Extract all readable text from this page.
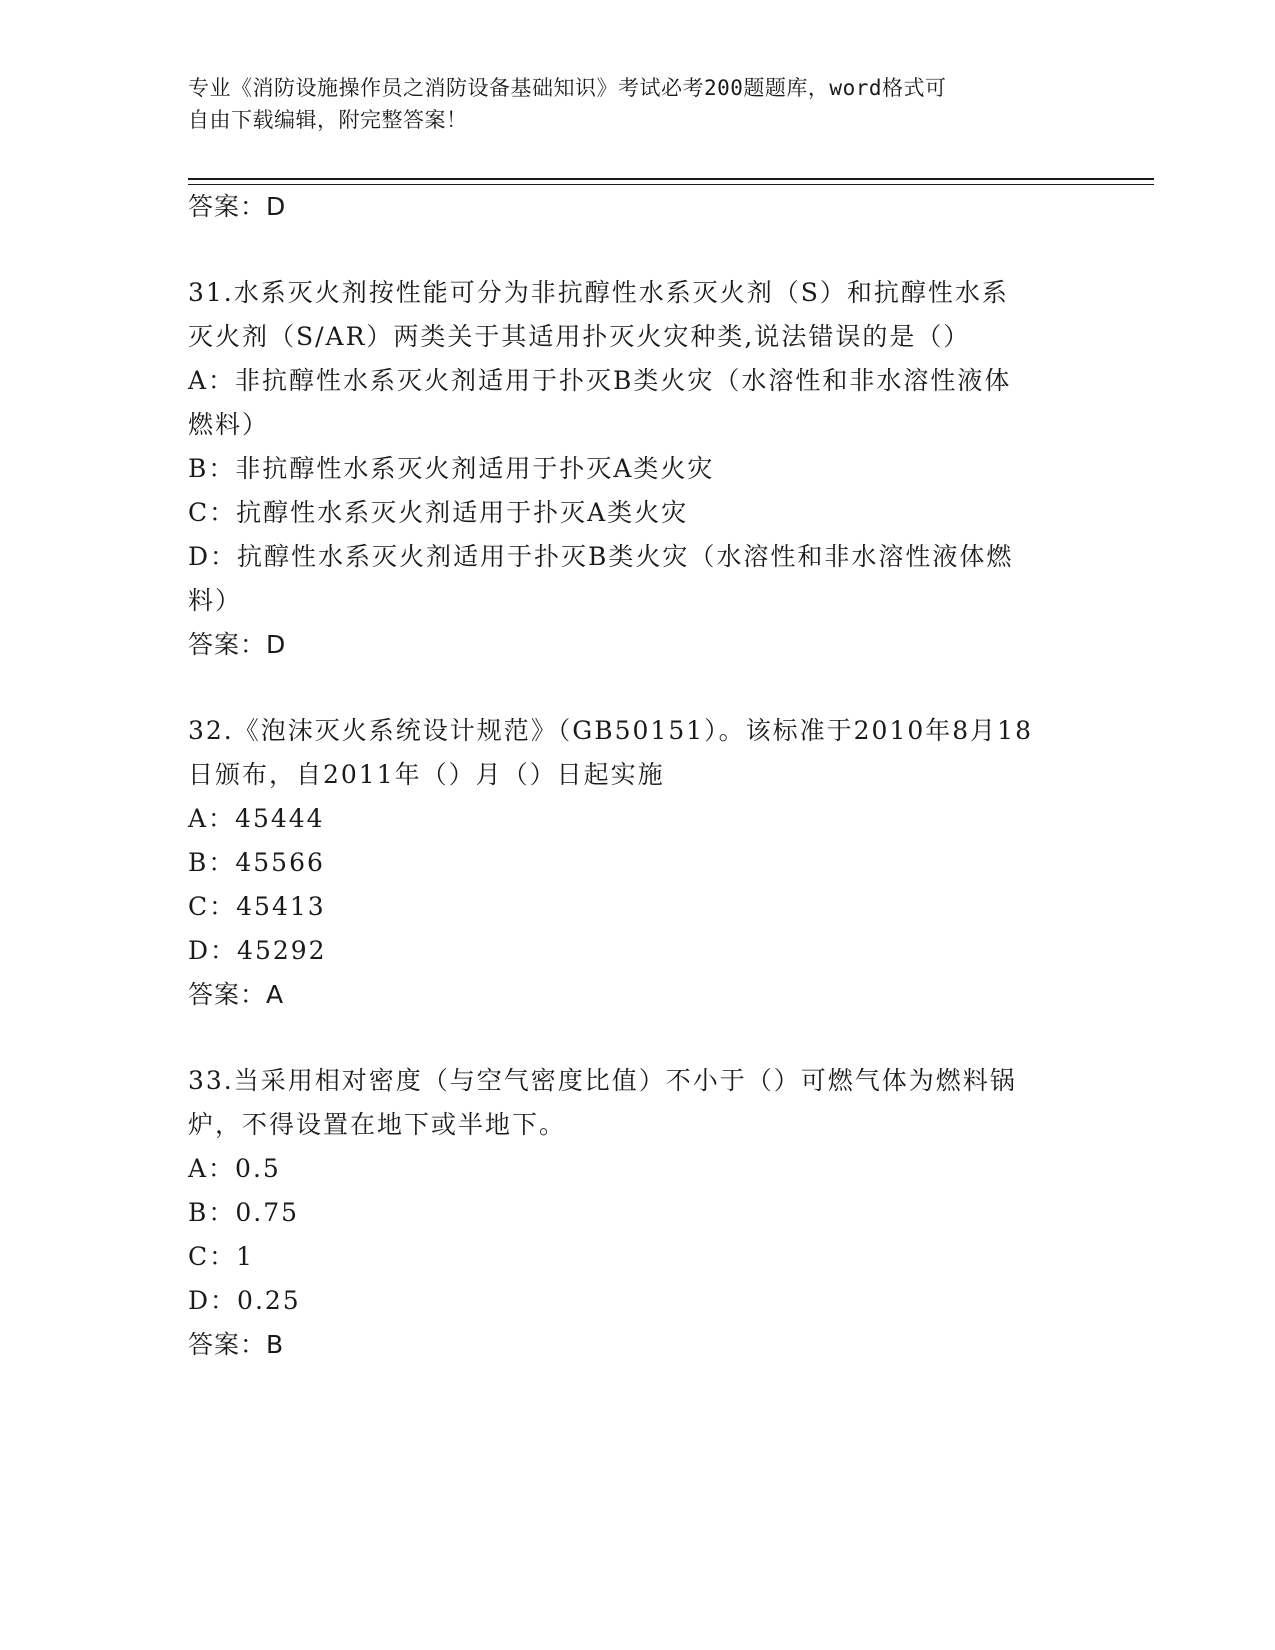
专业《消防设施操作员之消防设备基础知识》考试必考200题题库，word格式可
自由下载编辑，附完整答案！
答案：D
31.水系灭火剂按性能可分为非抗醇性水系灭火剂（S）和抗醇性水系
灭火剂（S/AR）两类关于其适用扑灭火灾种类,说法错误的是（）
A：非抗醇性水系灭火剂适用于扑灭B类火灾（水溶性和非水溶性液体
燃料）
B：非抗醇性水系灭火剂适用于扑灭A类火灾
C：抗醇性水系灭火剂适用于扑灭A类火灾
D：抗醇性水系灭火剂适用于扑灭B类火灾（水溶性和非水溶性液体燃
料）
答案：D
32.《泡沫灭火系统设计规范》（GB50151）。该标准于2010年8月18
日颁布，自2011年（）月（）日起实施
A：45444
B：45566
C：45413
D：45292
答案：A
33.当采用相对密度（与空气密度比值）不小于（）可燃气体为燃料锅
炉，不得设置在地下或半地下。
A：0.5
B：0.75
C：1
D：0.25
答案：B
